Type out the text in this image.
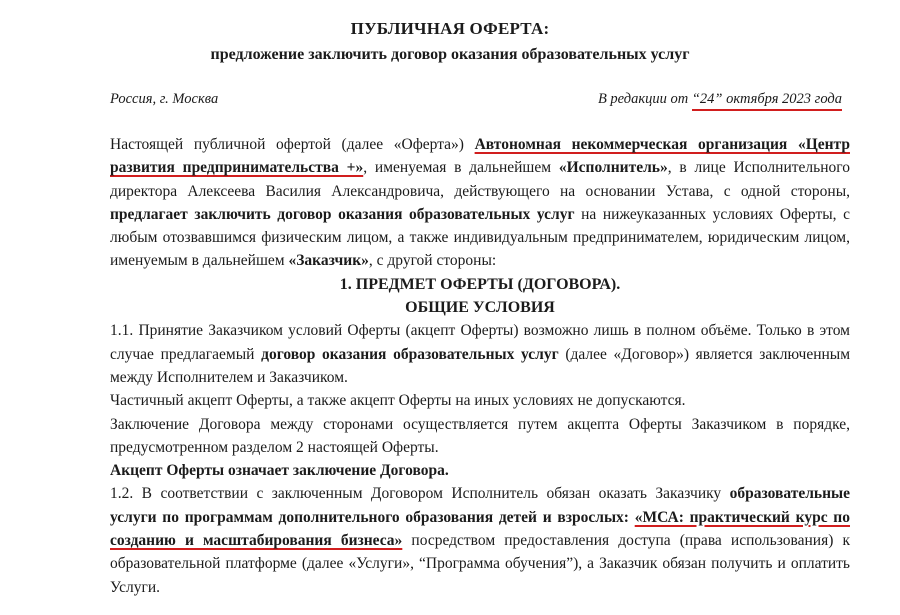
ПУБЛИЧНАЯ ОФЕРТА:
предложение заключить договор оказания образовательных услуг
Россия, г. Москва	В редакции от “24” октября 2023 года

Настоящей публичной офертой (далее «Оферта») Автономная некоммерческая организация «Центр развития предпринимательства +», именуемая в дальнейшем «Исполнитель», в лице Исполнительного директора Алексеева Василия Александровича, действующего на основании Устава, с одной стороны, предлагает заключить договор оказания образовательных услуг на нижеуказанных условиях Оферты, с любым отозвавшимся физическим лицом, а также индивидуальным предпринимателем, юридическим лицом, именуемым в дальнейшем «Заказчик», с другой стороны:

1. ПРЕДМЕТ ОФЕРТЫ (ДОГОВОРА).

ОБЩИЕ УСЛОВИЯ

1.1. Принятие Заказчиком условий Оферты (акцепт Оферты) возможно лишь в полном объёме. Только в этом случае предлагаемый договор оказания образовательных услуг (далее «Договор») является заключенным между Исполнителем и Заказчиком.

Частичный акцепт Оферты, а также акцепт Оферты на иных условиях не допускаются.

Заключение Договора между сторонами осуществляется путем акцепта Оферты Заказчиком в порядке, предусмотренном разделом 2 настоящей Оферты.

Акцепт Оферты означает заключение Договора.

1.2. В соответствии с заключенным Договором Исполнитель обязан оказать Заказчику образовательные услуги по программам дополнительного образования детей и взрослых: «МСА: практический курс по созданию и масштабирования бизнеса» посредством предоставления доступа (права использования) к образовательной платформе (далее «Услуги», “Программа обучения”), а Заказчик обязан получить и оплатить Услуги.
